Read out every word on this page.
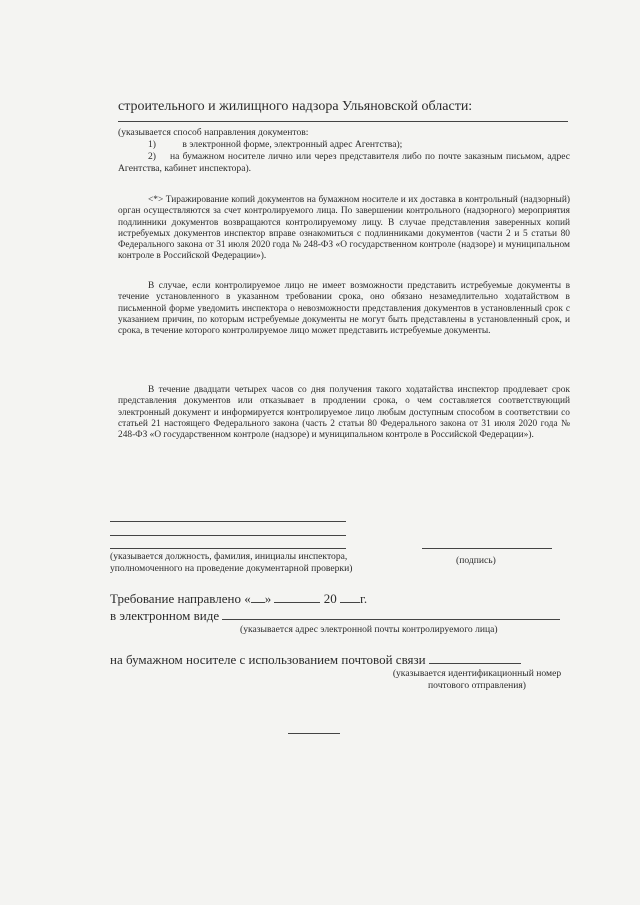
строительного и жилищного надзора Ульяновской области:
(указывается способ направления документов:
1)	в электронной форме, электронный адрес Агентства);
2) на бумажном носителе лично или через представителя либо по почте заказным письмом, адрес Агентства, кабинет инспектора).
<*> Тиражирование копий документов на бумажном носителе и их доставка в контрольный (надзорный) орган осуществляются за счет контролируемого лица. По завершении контрольного (надзорного) мероприятия подлинники документов возвращаются контролируемому лицу. В случае представления заверенных копий истребуемых документов инспектор вправе ознакомиться с подлинниками документов (части 2 и 5 статьи 80 Федерального закона от 31 июля 2020 года № 248-ФЗ «О государственном контроле (надзоре) и муниципальном контроле в Российской Федерации»).
В случае, если контролируемое лицо не имеет возможности представить истребуемые документы в течение установленного в указанном требовании срока, оно обязано незамедлительно ходатайством в письменной форме уведомить инспектора о невозможности представления документов в установленный срок с указанием причин, по которым истребуемые документы не могут быть представлены в установленный срок, и срока, в течение которого контролируемое лицо может представить истребуемые документы.
В течение двадцати четырех часов со дня получения такого ходатайства инспектор продлевает срок представления документов или отказывает в продлении срока, о чем составляется соответствующий электронный документ и информируется контролируемое лицо любым доступным способом в соответствии со статьей 21 настоящего Федерального закона (часть 2 статьи 80 Федерального закона от 31 июля 2020 года № 248-ФЗ «О государственном контроле (надзоре) и муниципальном контроле в Российской Федерации»).
(указывается должность, фамилия, инициалы инспектора, уполномоченного на проведение документарной проверки)
(подпись)
Требование направлено « »	20 г.
в электронном виде
(указывается адрес электронной почты контролируемого лица)
на бумажном носителе с использованием почтовой связи
(указывается идентификационный номер почтового отправления)
